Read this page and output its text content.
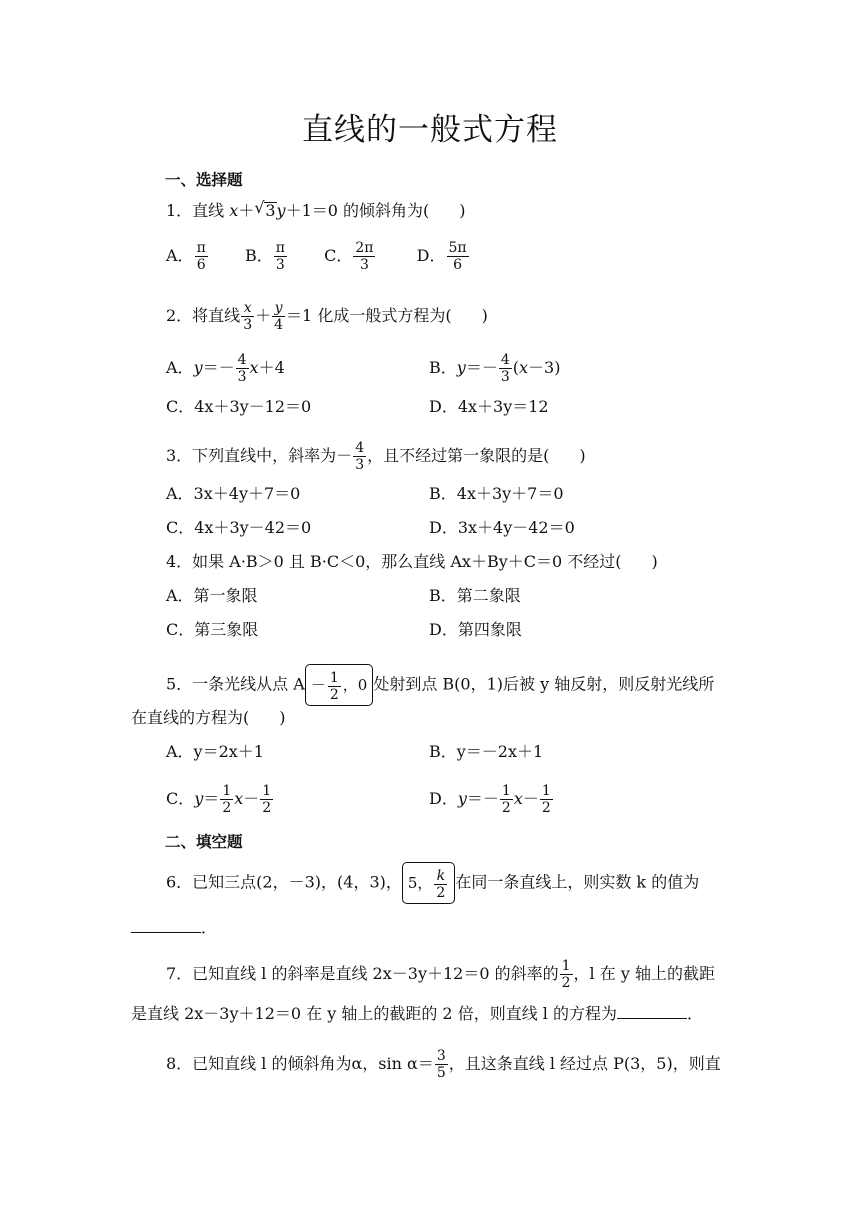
直线的一般式方程
一、选择题
1．直线 x＋√ 3y＋1＝0 的倾斜角为( )
A． $\frac{\pi}{6}$ B． $\frac{\pi}{3}$ C． $\frac{2\pi}{3}$	D． $\frac{5\pi}{6}$
2．将直线 $\frac{x}{3} + \frac{y}{4} =1$ 化成一般式方程为( )
A．$y=- \frac{4}{3} x+4$	B．$y=- \frac{4}{3} (x-3)$
C．4x＋3y－12＝0	D．4x＋3y＝12
3．下列直线中，斜率为－ $\frac{4}{3}$ ，且不经过第一象限的是( )
A．3x＋4y＋7＝0	B．4x＋3y＋7＝0
C．4x＋3y－42＝0	D．3x＋4y－42＝0
4．如果 A·B＞0 且 B·C＜0，那么直线 Ax＋By＋C＝0 不经过( )
A．第一象限	B．第二象限
C．第三象限	D．第四象限
5．一条光线从点 $A - \frac{1}{2}$ ，0 处射到点 B(0，1)后被 y 轴反射，则反射光线所
在直线的方程为( )
A．y＝2x＋1	B．y＝－2x＋1
C．$y= \frac{1}{2} x- \frac{1}{2}$	D．$y=- \frac{1}{2} x- \frac{1}{2}$
二、填空题
6．已知三点(2，－3)，(4，3)， 5， $\frac{k}{2}$ 在同一条直线上，则实数 k 的值为
．
7．已知直线 l 的斜率是直线 2x－3y＋12＝0 的斜率的 $\frac{1}{2}$ ，l 在 y 轴上的截距
是直线 2x－3y＋12＝0 在 y 轴上的截距的 2 倍，则直线 l 的方程为	．
8．已知直线 l 的倾斜角为α，$\sin \alpha= \frac{3}{5}$ ，且这条直线 l 经过点 P(3，5)，则直
